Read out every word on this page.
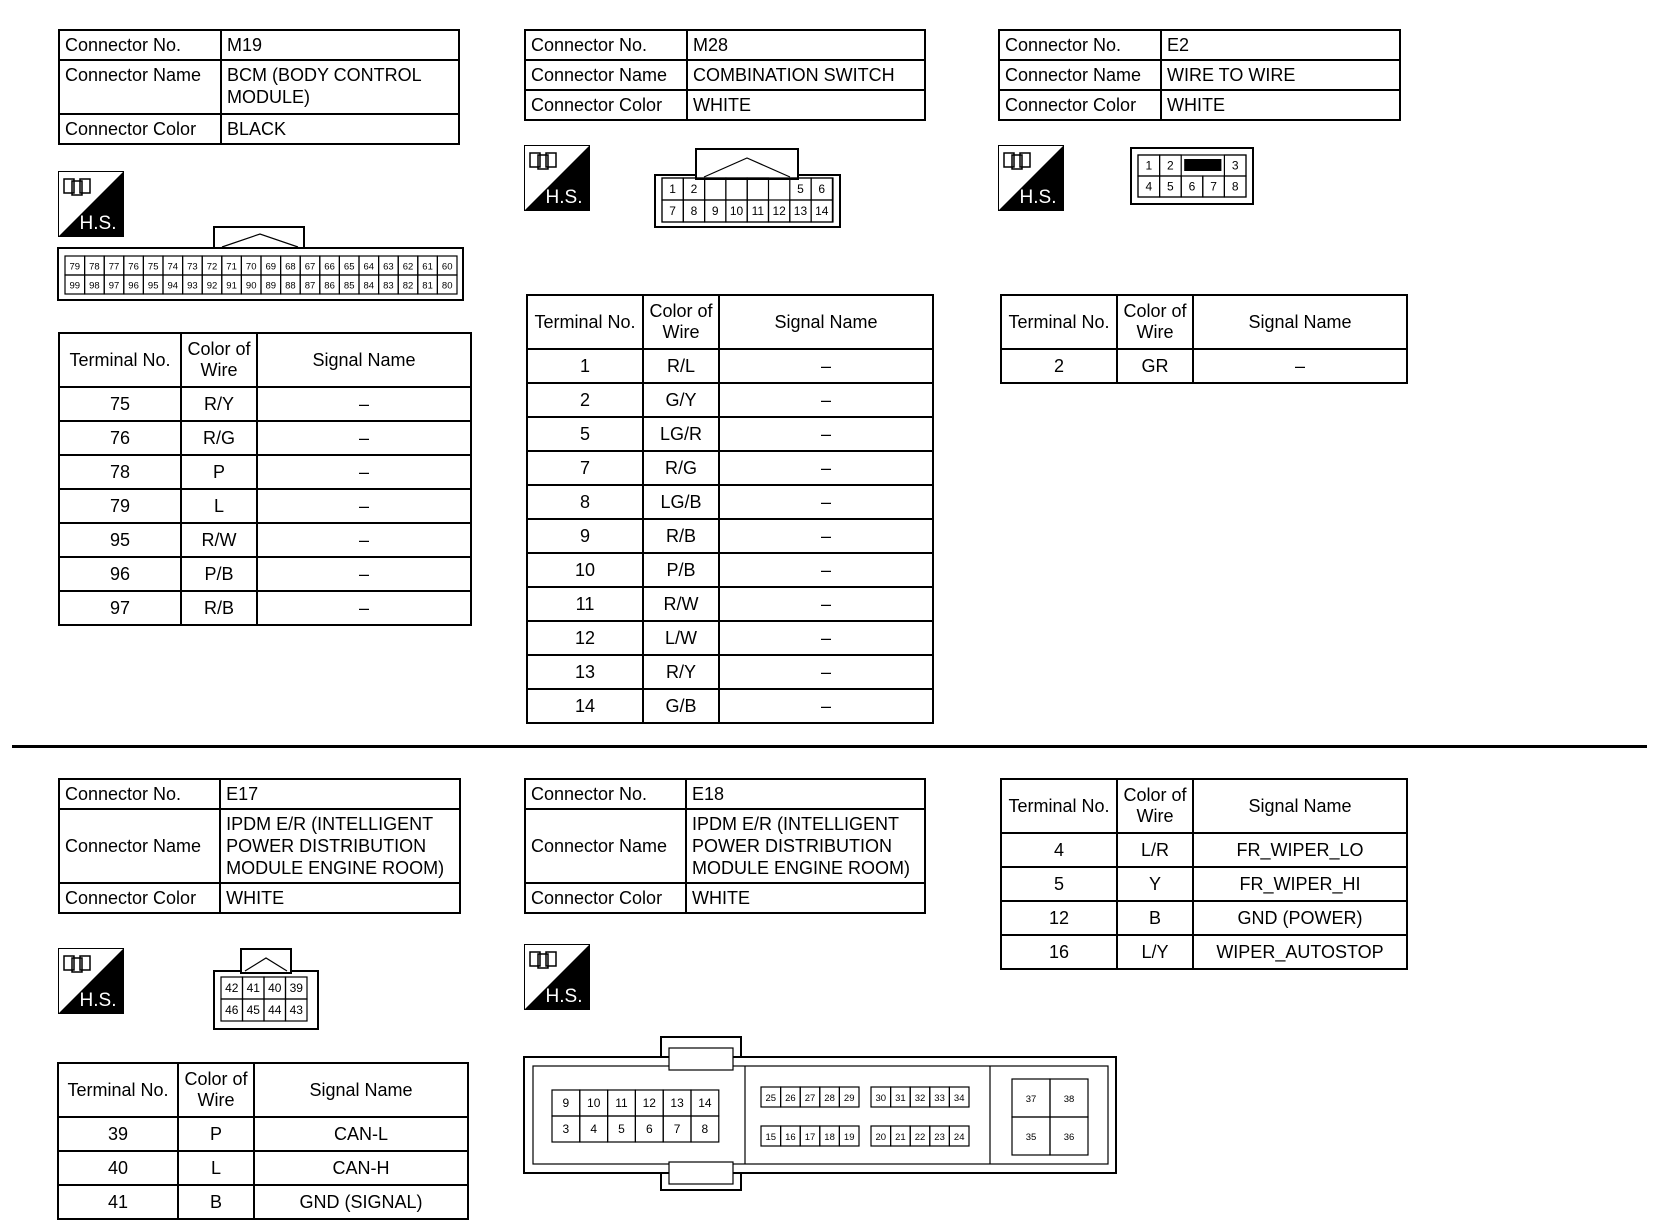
Connector No.	M19
Connector Name	BCM (BODY CONTROL MODULE)
Connector Color	BLACK
H.S.
79 78 77 76 75 74 73 72 71 70 69 68 67 66 65 64 63 62 61 60
99 98 97 96 95 94 93 92 91 90 89 88 87 86 85 84 83 82 81 80
Terminal No.	Color of Wire	Signal Name
75	R/Y	–
76	R/G	–
78	P	–
79	L	–
95	R/W	–
96	P/B	–
97	R/B	–
Connector No.	M28
Connector Name	COMBINATION SWITCH
Connector Color	WHITE
H.S.	1 2	5 6
7 8 9 10 11 12 13 14
Terminal No.	Color of Wire	Signal Name
1	R/L	–
2	G/Y	–
5	LG/R	–
7	R/G	–
8	LG/B	–
9	R/B	–
10	P/B	–
11	R/W	–
12	L/W	–
13	R/Y	–
14	G/B	–
Connector No.	E2
Connector Name	WIRE TO WIRE
Connector Color	WHITE
H.S.
1 2	3
4 5 6 7 8
Terminal No.	Color of Wire	Signal Name
2	GR	–
Connector No.	E17
Connector Name	IPDM E/R (INTELLIGENT POWER DISTRIBUTION MODULE ENGINE ROOM)
Connector Color	WHITE
H.S.
42 41 40 39
46 45 44 43
Terminal No.	Color of Wire	Signal Name
39	P	CAN-L
40	L	CAN-H
41	B	GND (SIGNAL)
Connector No.	E18
Connector Name	IPDM E/R (INTELLIGENT POWER DISTRIBUTION MODULE ENGINE ROOM)
Connector Color	WHITE
H.S.
9 10 11 12 13 14
3 4 5 6 7 8
25 26 27 28 29 30 31 32 33 34
15 16 17 18 19 20 21 22 23 24
37	38
35	36
Terminal No.	Color of Wire	Signal Name
4	L/R	FR_WIPER_LO
5	Y	FR_WIPER_HI
12	B	GND (POWER)
16	L/Y	WIPER_AUTOSTOP
